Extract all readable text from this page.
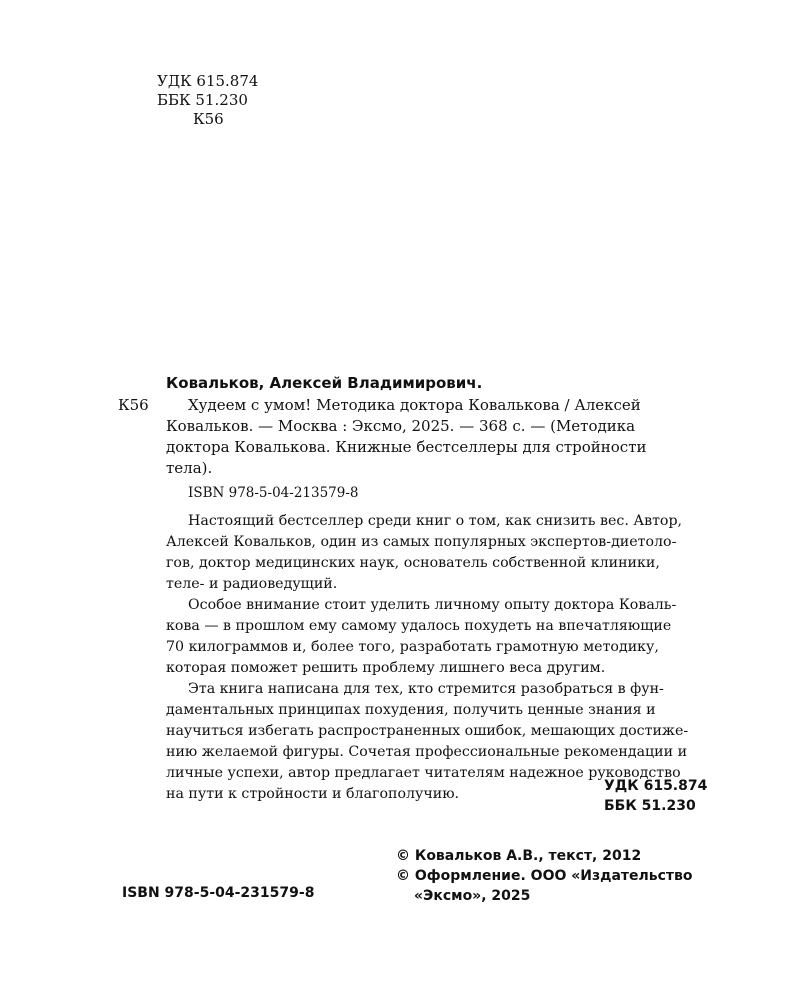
УДК 615.874
ББК 51.230
К56
Ковальков, Алексей Владимирович.
К56	Худеем с умом! Методика доктора Ковалькова / Алексей
Ковальков. — Москва : Эксмо, 2025. — 368 с. — (Методика
доктора Ковалькова. Книжные бестселлеры для стройности
тела).
ISBN 978-5-04-213579-8
Настоящий бестселлер среди книг о том, как снизить вес. Автор,
Алексей Ковальков, один из самых популярных экспертов-диетоло-
гов, доктор медицинских наук, основатель собственной клиники,
теле- и радиоведущий.
Особое внимание стоит уделить личному опыту доктора Коваль-
кова — в прошлом ему самому удалось похудеть на впечатляющие
70 килограммов и, более того, разработать грамотную методику,
которая поможет решить проблему лишнего веса другим.
Эта книга написана для тех, кто стремится разобраться в фун-
даментальных принципах похудения, получить ценные знания и
научиться избегать распространенных ошибок, мешающих достиже-
нию желаемой фигуры. Сочетая профессиональные рекомендации и
личные успехи, автор предлагает читателям надежное руководство
на пути к стройности и благополучию.	УДК 615.874
ББК 51.230
© Ковальков А.В., текст, 2012
© Оформление. ООО «Издательство
«Эксмо», 2025
ISBN 978-5-04-231579-8
